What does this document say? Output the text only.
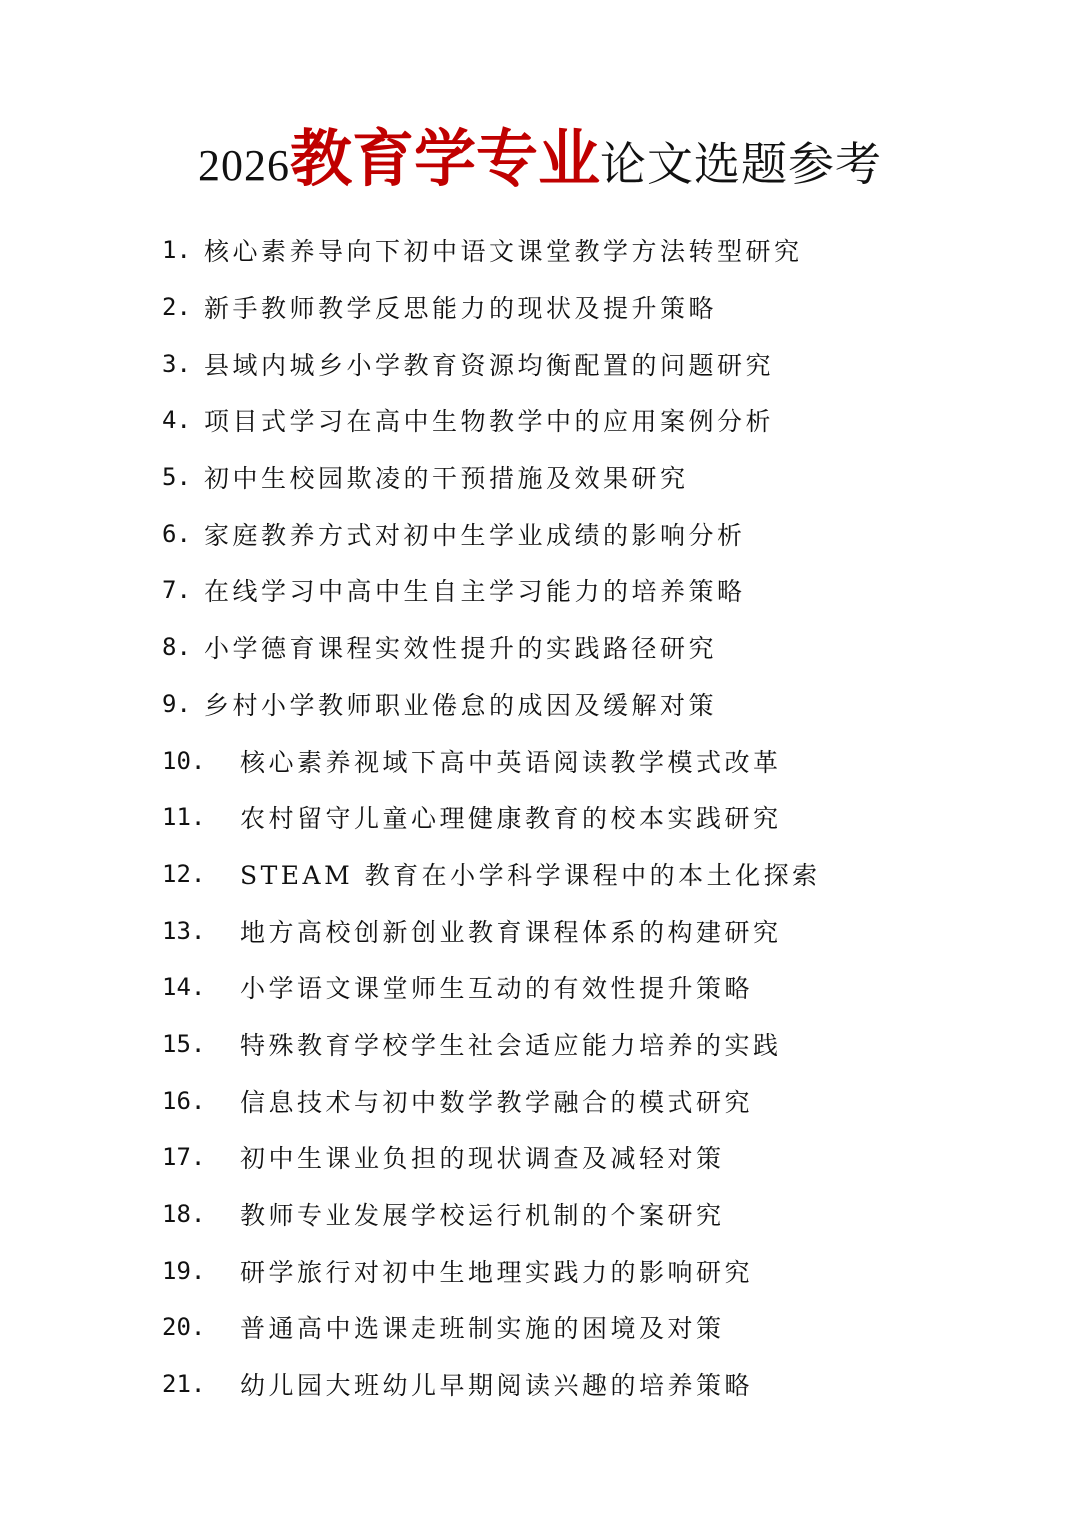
2026教育学专业论文选题参考
1. 核心素养导向下初中语文课堂教学方法转型研究
2. 新手教师教学反思能力的现状及提升策略
3. 县域内城乡小学教育资源均衡配置的问题研究
4. 项目式学习在高中生物教学中的应用案例分析
5. 初中生校园欺凌的干预措施及效果研究
6. 家庭教养方式对初中生学业成绩的影响分析
7. 在线学习中高中生自主学习能力的培养策略
8. 小学德育课程实效性提升的实践路径研究
9. 乡村小学教师职业倦怠的成因及缓解对策
10.	核心素养视域下高中英语阅读教学模式改革
11.	农村留守儿童心理健康教育的校本实践研究
12.	STEAM 教育在小学科学课程中的本土化探索
13.	地方高校创新创业教育课程体系的构建研究
14.	小学语文课堂师生互动的有效性提升策略
15.	特殊教育学校学生社会适应能力培养的实践
16.	信息技术与初中数学教学融合的模式研究
17.	初中生课业负担的现状调查及减轻对策
18.	教师专业发展学校运行机制的个案研究
19.	研学旅行对初中生地理实践力的影响研究
20.	普通高中选课走班制实施的困境及对策
21.	幼儿园大班幼儿早期阅读兴趣的培养策略
